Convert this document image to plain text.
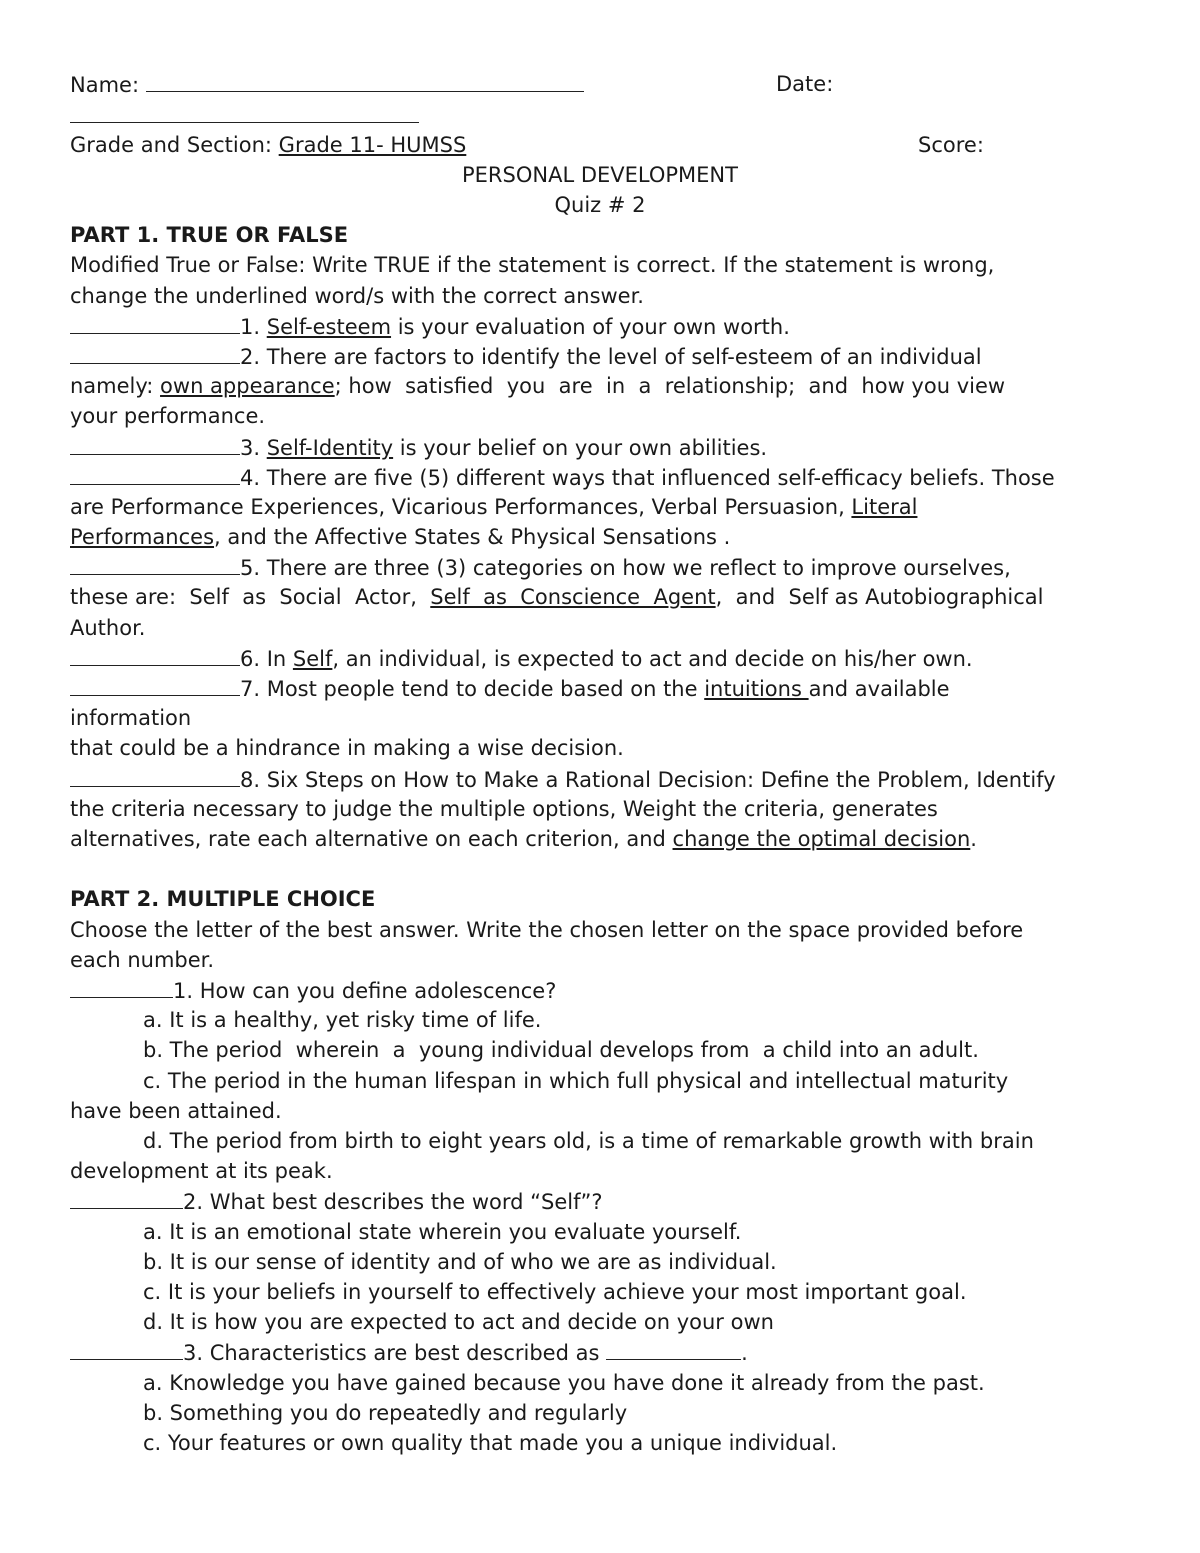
Name:	Date:
Grade and Section: Grade 11- HUMSS	Score:
PERSONAL DEVELOPMENT
Quiz # 2
PART 1. TRUE OR FALSE
Modified True or False: Write TRUE if the statement is correct. If the statement is wrong,
change the underlined word/s with the correct answer.
1. Self-esteem is your evaluation of your own worth.
2. There are factors to identify the level of self-esteem of an individual
namely: own appearance; how  satisfied  you  are  in  a  relationship;  and  how you view
your performance.
3. Self-Identity is your belief on your own abilities.
4. There are five (5) different ways that influenced self-efficacy beliefs. Those
are Performance Experiences, Vicarious Performances, Verbal Persuasion, Literal
Performances, and the Affective States & Physical Sensations .
5. There are three (3) categories on how we reflect to improve ourselves,
these are:  Self  as  Social  Actor,  Self  as  Conscience  Agent,  and  Self as Autobiographical
Author.
6. In Self, an individual, is expected to act and decide on his/her own.
7. Most people tend to decide based on the intuitions and available
information
that could be a hindrance in making a wise decision.
8. Six Steps on How to Make a Rational Decision: Define the Problem, Identify
the criteria necessary to judge the multiple options, Weight the criteria, generates
alternatives, rate each alternative on each criterion, and change the optimal decision.
PART 2. MULTIPLE CHOICE
Choose the letter of the best answer. Write the chosen letter on the space provided before
each number.
1. How can you define adolescence?
a. It is a healthy, yet risky time of life.
b. The period  wherein  a  young individual develops from  a child into an adult.
c. The period in the human lifespan in which full physical and intellectual maturity
have been attained.
d. The period from birth to eight years old, is a time of remarkable growth with brain
development at its peak.
2. What best describes the word “Self”?
a. It is an emotional state wherein you evaluate yourself.
b. It is our sense of identity and of who we are as individual.
c. It is your beliefs in yourself to effectively achieve your most important goal.
d. It is how you are expected to act and decide on your own
3. Characteristics are best described as	.
a. Knowledge you have gained because you have done it already from the past.
b. Something you do repeatedly and regularly
c. Your features or own quality that made you a unique individual.
